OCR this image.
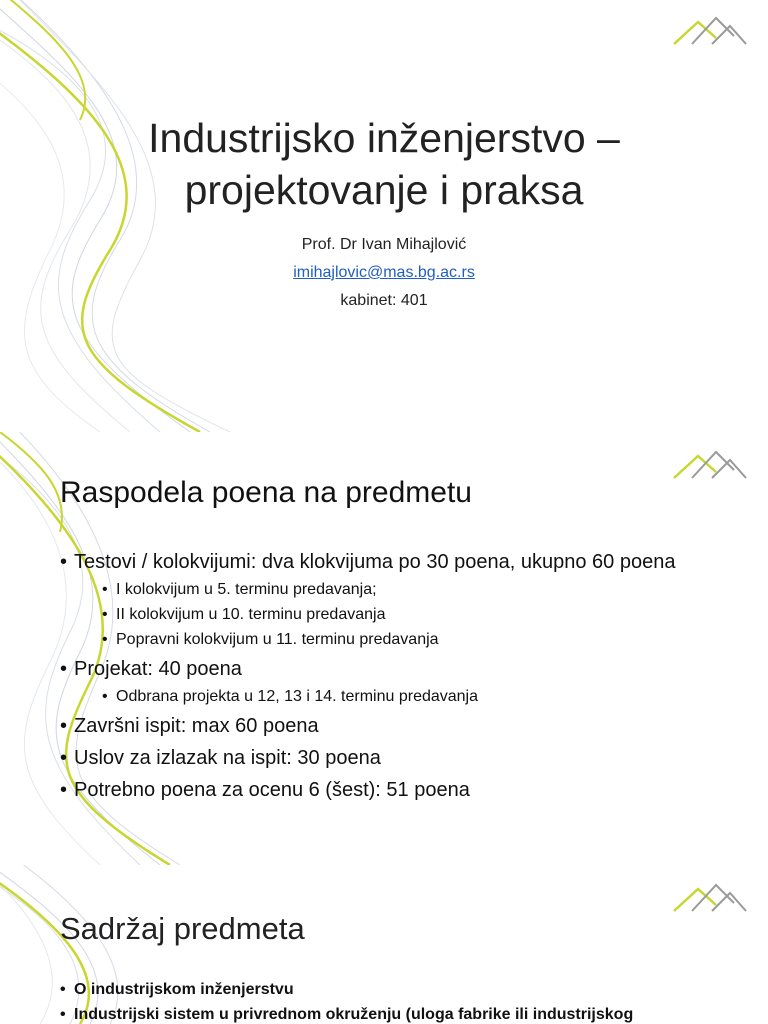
Industrijsko inženjerstvo –
projektovanje i praksa
Prof. Dr Ivan Mihajlović
imihajlovic@mas.bg.ac.rs
kabinet: 401
Raspodela poena na predmetu
• Testovi / kolokvijumi: dva klokvijuma po 30 poena, ukupno 60 poena
• I kolokvijum u 5. terminu predavanja;
• II kolokvijum u 10. terminu predavanja
• Popravni kolokvijum u 11. terminu predavanja
• Projekat: 40 poena
• Odbrana projekta u 12, 13 i 14. terminu predavanja
• Završni ispit: max 60 poena
• Uslov za izlazak na ispit: 30 poena
• Potrebno poena za ocenu 6 (šest): 51 poena
Sadržaj predmeta
• O industrijskom inženjerstvu
• Industrijski sistem u privrednom okruženju (uloga fabrike ili industrijskog
